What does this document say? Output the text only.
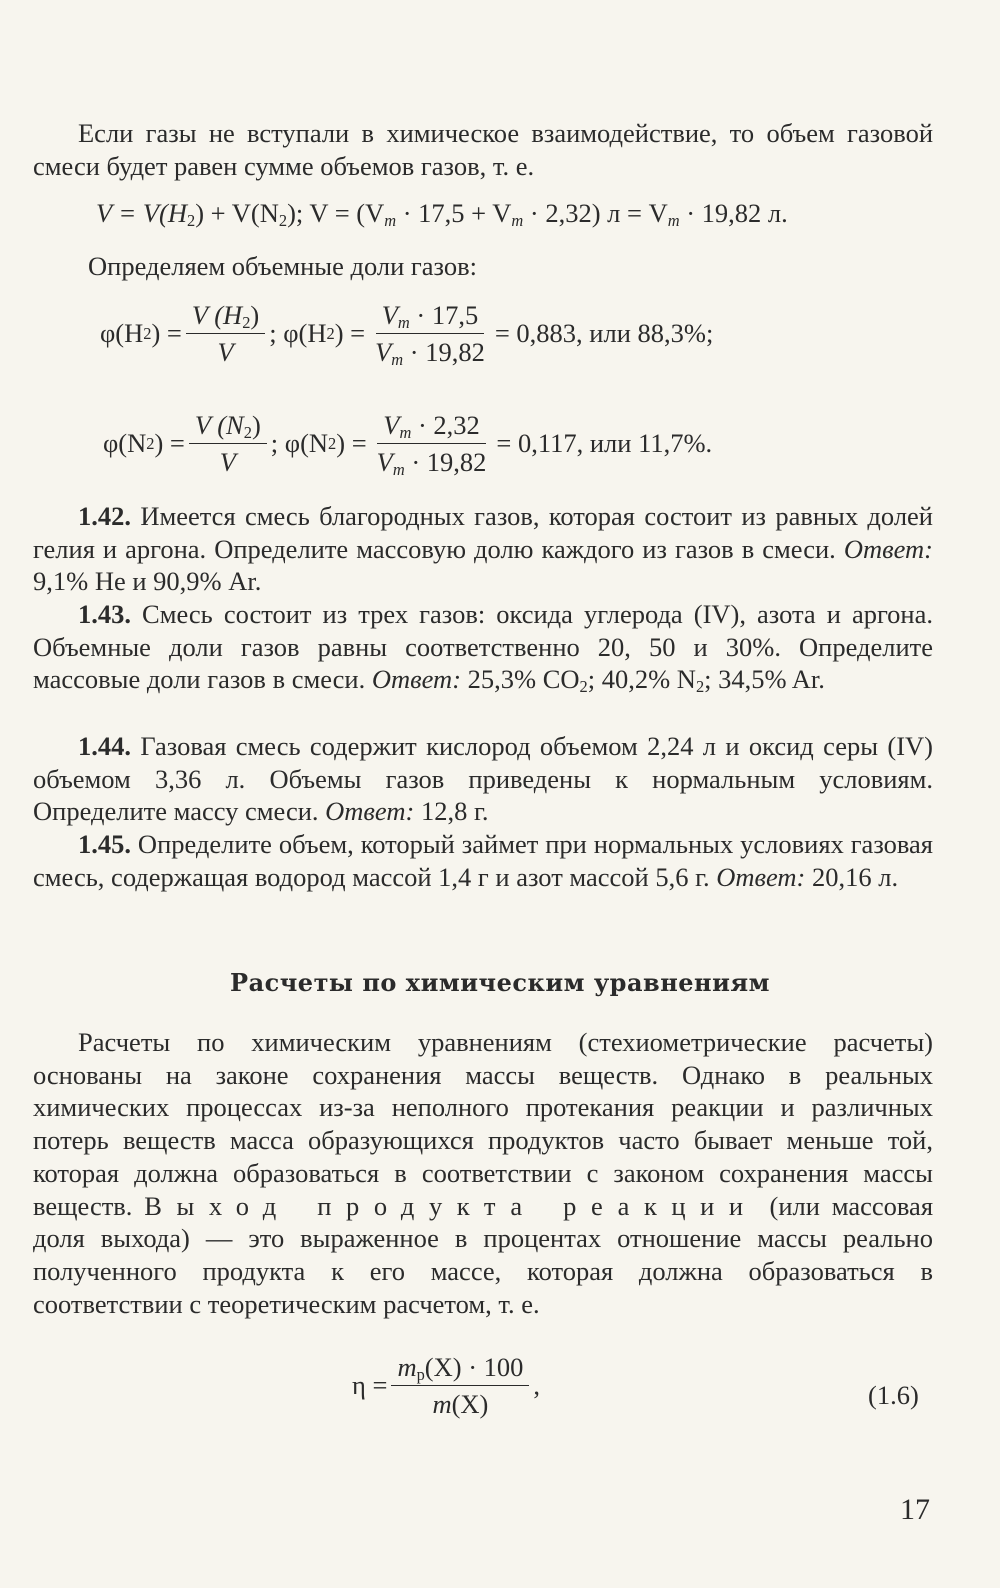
Если газы не вступали в химическое взаимодействие, то объем газовой смеси будет равен сумме объемов газов, т. е.

$V = V(H_2) + V(N_2)$; $V = (V_m \cdot 17,5 + V_m \cdot 2,32) л = V_m \cdot 19,82$ л.

Определяем объемные доли газов:

φ(H 2 ) = $\frac{V (H_2)}{V}$ ; φ(H 2 ) = $\frac{V_m \cdot 17,5}{V_m \cdot 19,82} = 0,883$, или 88,3%;
φ(N 2 ) = $\frac{V (N_2)}{V}$ ; φ(N 2 ) = $\frac{V_m \cdot 2,32}{V_m \cdot 19,82} = 0,117$, или 11,7%.

1.42. Имеется смесь благородных газов, которая состоит из равных долей гелия и аргона. Определите массовую долю каждого из газов в смеси. Ответ: 9,1% He и 90,9% Ar.

1.43. Смесь состоит из трех газов: оксида углерода (IV), азота и аргона. Объемные доли газов равны соответственно 20, 50 и 30%. Определите массовые доли газов в смеси. Ответ: 25,3% $CO_2$; 40,2% $N_2$; 34,5% Ar.

1.44. Газовая смесь содержит кислород объемом 2,24 л и оксид серы (IV) объемом 3,36 л. Объемы газов приведены к нормальным условиям. Определите массу смеси. Ответ: 12,8 г.

1.45. Определите объем, который займет при нормальных условиях газовая смесь, содержащая водород массой 1,4 г и азот массой 5,6 г. Ответ: 20,16 л.

Расчеты по химическим уравнениям

Расчеты по химическим уравнениям (стехиометрические расчеты) основаны на законе сохранения массы веществ. Однако в реальных химических процессах из-за неполного протекания реакции и различных потерь веществ масса образующихся продуктов часто бывает меньше той, которая должна образоваться в соответствии с законом сохранения массы веществ. Выход продукта реакции (или массовая доля выхода) — это выраженное в процентах отношение массы реально полученного продукта к его массе, которая должна образоваться в соответствии с теоретическим расчетом, т. е.

$\eta = \frac{m_p(X) \cdot 100}{m(X)}$ ,	(1.6)
17
